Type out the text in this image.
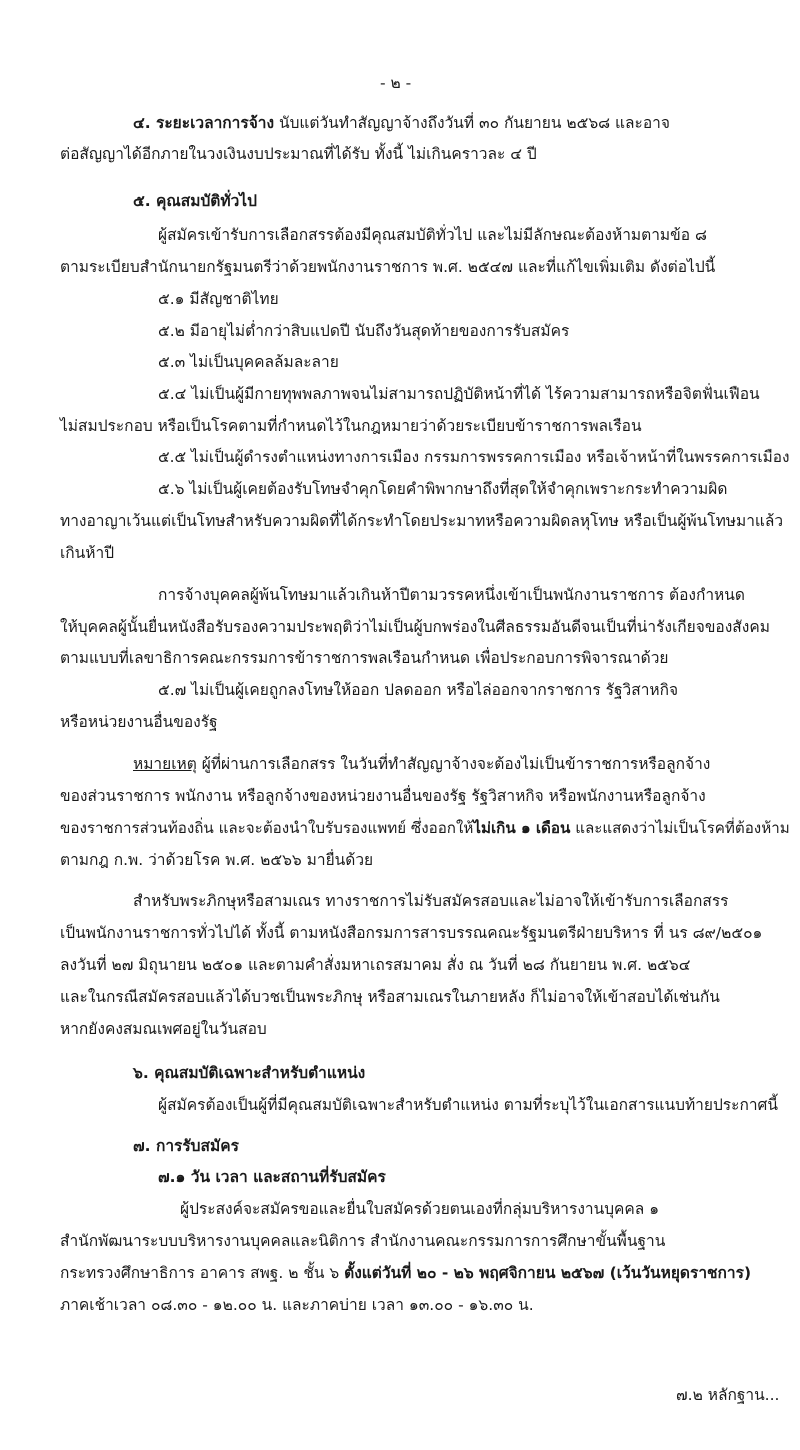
- ๒ -
๔. ระยะเวลาการจ้าง นับแต่วันทำสัญญาจ้างถึงวันที่ ๓๐ กันยายน ๒๕๖๘ และอาจ
ต่อสัญญาได้อีกภายในวงเงินงบประมาณที่ได้รับ ทั้งนี้ ไม่เกินคราวละ ๔ ปี
๕. คุณสมบัติทั่วไป
ผู้สมัครเข้ารับการเลือกสรรต้องมีคุณสมบัติทั่วไป และไม่มีลักษณะต้องห้ามตามข้อ ๘
ตามระเบียบสำนักนายกรัฐมนตรีว่าด้วยพนักงานราชการ พ.ศ. ๒๕๔๗ และที่แก้ไขเพิ่มเติม ดังต่อไปนี้
๕.๑ มีสัญชาติไทย
๕.๒ มีอายุไม่ต่ำกว่าสิบแปดปี นับถึงวันสุดท้ายของการรับสมัคร
๕.๓ ไม่เป็นบุคคลล้มละลาย
๕.๔ ไม่เป็นผู้มีกายทุพพลภาพจนไม่สามารถปฏิบัติหน้าที่ได้ ไร้ความสามารถหรือจิตฟั่นเฟือน
ไม่สมประกอบ หรือเป็นโรคตามที่กำหนดไว้ในกฎหมายว่าด้วยระเบียบข้าราชการพลเรือน
๕.๕ ไม่เป็นผู้ดำรงตำแหน่งทางการเมือง กรรมการพรรคการเมือง หรือเจ้าหน้าที่ในพรรคการเมือง
๕.๖ ไม่เป็นผู้เคยต้องรับโทษจำคุกโดยคำพิพากษาถึงที่สุดให้จำคุกเพราะกระทำความผิด
ทางอาญาเว้นแต่เป็นโทษสำหรับความผิดที่ได้กระทำโดยประมาทหรือความผิดลหุโทษ หรือเป็นผู้พ้นโทษมาแล้ว
เกินห้าปี
การจ้างบุคคลผู้พ้นโทษมาแล้วเกินห้าปีตามวรรคหนึ่งเข้าเป็นพนักงานราชการ ต้องกำหนด
ให้บุคคลผู้นั้นยื่นหนังสือรับรองความประพฤติว่าไม่เป็นผู้บกพร่องในศีลธรรมอันดีจนเป็นที่น่ารังเกียจของสังคม
ตามแบบที่เลขาธิการคณะกรรมการข้าราชการพลเรือนกำหนด เพื่อประกอบการพิจารณาด้วย
๕.๗ ไม่เป็นผู้เคยถูกลงโทษให้ออก ปลดออก หรือไล่ออกจากราชการ รัฐวิสาหกิจ
หรือหน่วยงานอื่นของรัฐ
หมายเหตุ ผู้ที่ผ่านการเลือกสรร ในวันที่ทำสัญญาจ้างจะต้องไม่เป็นข้าราชการหรือลูกจ้าง
ของส่วนราชการ พนักงาน หรือลูกจ้างของหน่วยงานอื่นของรัฐ รัฐวิสาหกิจ หรือพนักงานหรือลูกจ้าง
ของราชการส่วนท้องถิ่น และจะต้องนำใบรับรองแพทย์ ซึ่งออกให้ไม่เกิน ๑ เดือน และแสดงว่าไม่เป็นโรคที่ต้องห้าม
ตามกฎ ก.พ. ว่าด้วยโรค พ.ศ. ๒๕๖๖ มายื่นด้วย
สำหรับพระภิกษุหรือสามเณร ทางราชการไม่รับสมัครสอบและไม่อาจให้เข้ารับการเลือกสรร
เป็นพนักงานราชการทั่วไปได้ ทั้งนี้ ตามหนังสือกรมการสารบรรณคณะรัฐมนตรีฝ่ายบริหาร ที่ นร ๘๙/๒๕๐๑
ลงวันที่ ๒๗ มิถุนายน ๒๕๐๑ และตามคำสั่งมหาเถรสมาคม สั่ง ณ วันที่ ๒๘ กันยายน พ.ศ. ๒๕๖๔
และในกรณีสมัครสอบแล้วได้บวชเป็นพระภิกษุ หรือสามเณรในภายหลัง ก็ไม่อาจให้เข้าสอบได้เช่นกัน
หากยังคงสมณเพศอยู่ในวันสอบ
๖. คุณสมบัติเฉพาะสำหรับตำแหน่ง
ผู้สมัครต้องเป็นผู้ที่มีคุณสมบัติเฉพาะสำหรับตำแหน่ง ตามที่ระบุไว้ในเอกสารแนบท้ายประกาศนี้
๗. การรับสมัคร
๗.๑ วัน เวลา และสถานที่รับสมัคร
ผู้ประสงค์จะสมัครขอและยื่นใบสมัครด้วยตนเองที่กลุ่มบริหารงานบุคคล ๑
สำนักพัฒนาระบบบริหารงานบุคคลและนิติการ สำนักงานคณะกรรมการการศึกษาขั้นพื้นฐาน
กระทรวงศึกษาธิการ อาคาร สพฐ. ๒ ชั้น ๖ ตั้งแต่วันที่ ๒๐ - ๒๖ พฤศจิกายน ๒๕๖๗ (เว้นวันหยุดราชการ)
ภาคเช้าเวลา ๐๘.๓๐ - ๑๒.๐๐ น. และภาคบ่าย เวลา ๑๓.๐๐ - ๑๖.๓๐ น.
๗.๒ หลักฐาน...
